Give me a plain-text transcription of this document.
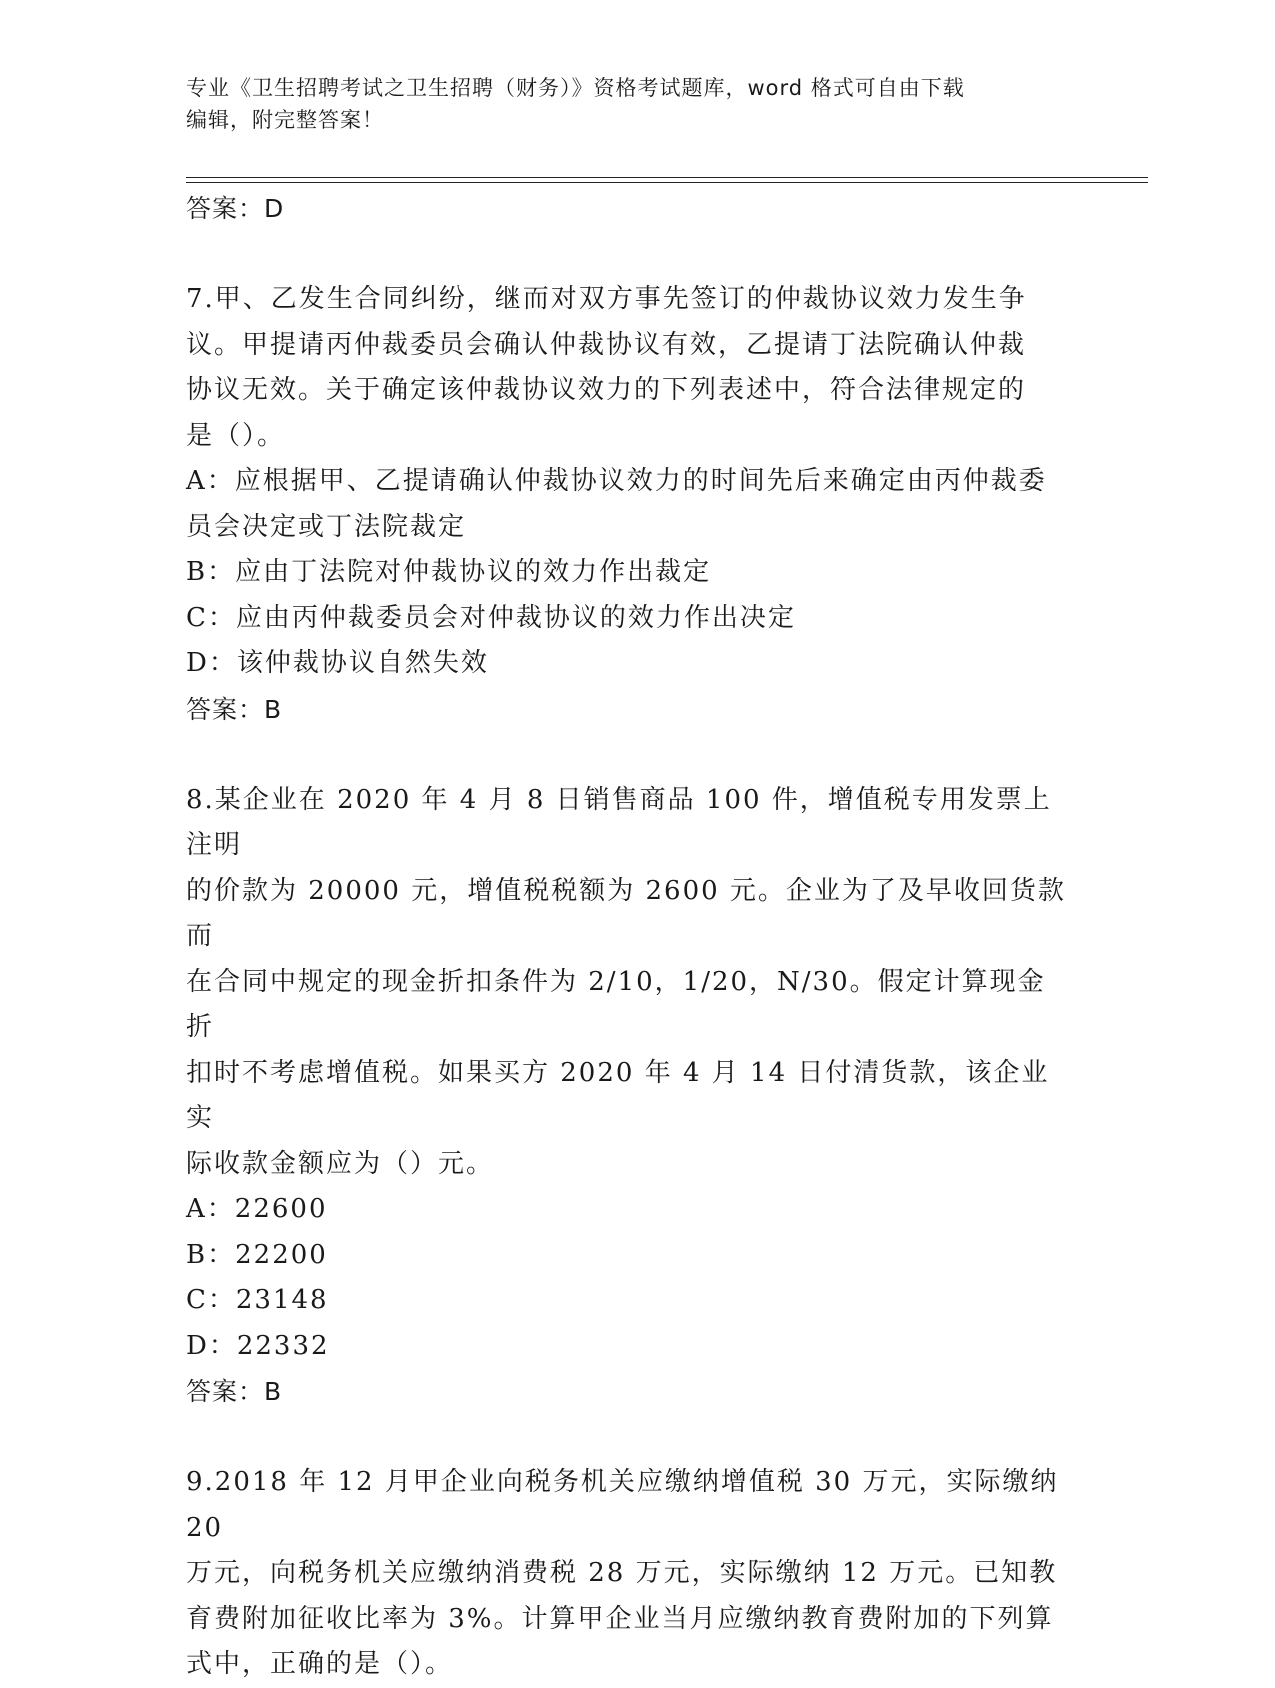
专业《卫生招聘考试之卫生招聘（财务）》资格考试题库，word 格式可自由下载
编辑，附完整答案！

答案：D

7.甲、乙发生合同纠纷，继而对双方事先签订的仲裁协议效力发生争

议。甲提请丙仲裁委员会确认仲裁协议有效，乙提请丁法院确认仲裁

协议无效。关于确定该仲裁协议效力的下列表述中，符合法律规定的

是（）。

A：应根据甲、乙提请确认仲裁协议效力的时间先后来确定由丙仲裁委

员会决定或丁法院裁定

B：应由丁法院对仲裁协议的效力作出裁定

C：应由丙仲裁委员会对仲裁协议的效力作出决定

D：该仲裁协议自然失效

答案：B

8.某企业在 2020 年 4 月 8 日销售商品 100 件，增值税专用发票上注明

的价款为 20000 元，增值税税额为 2600 元。企业为了及早收回货款而

在合同中规定的现金折扣条件为 2/10，1/20，N/30。假定计算现金折

扣时不考虑增值税。如果买方 2020 年 4 月 14 日付清货款，该企业实

际收款金额应为（）元。

A：22600

B：22200

C：23148

D：22332

答案：B

9.2018 年 12 月甲企业向税务机关应缴纳增值税 30 万元，实际缴纳 20

万元，向税务机关应缴纳消费税 28 万元，实际缴纳 12 万元。已知教

育费附加征收比率为 3%。计算甲企业当月应缴纳教育费附加的下列算

式中，正确的是（）。
